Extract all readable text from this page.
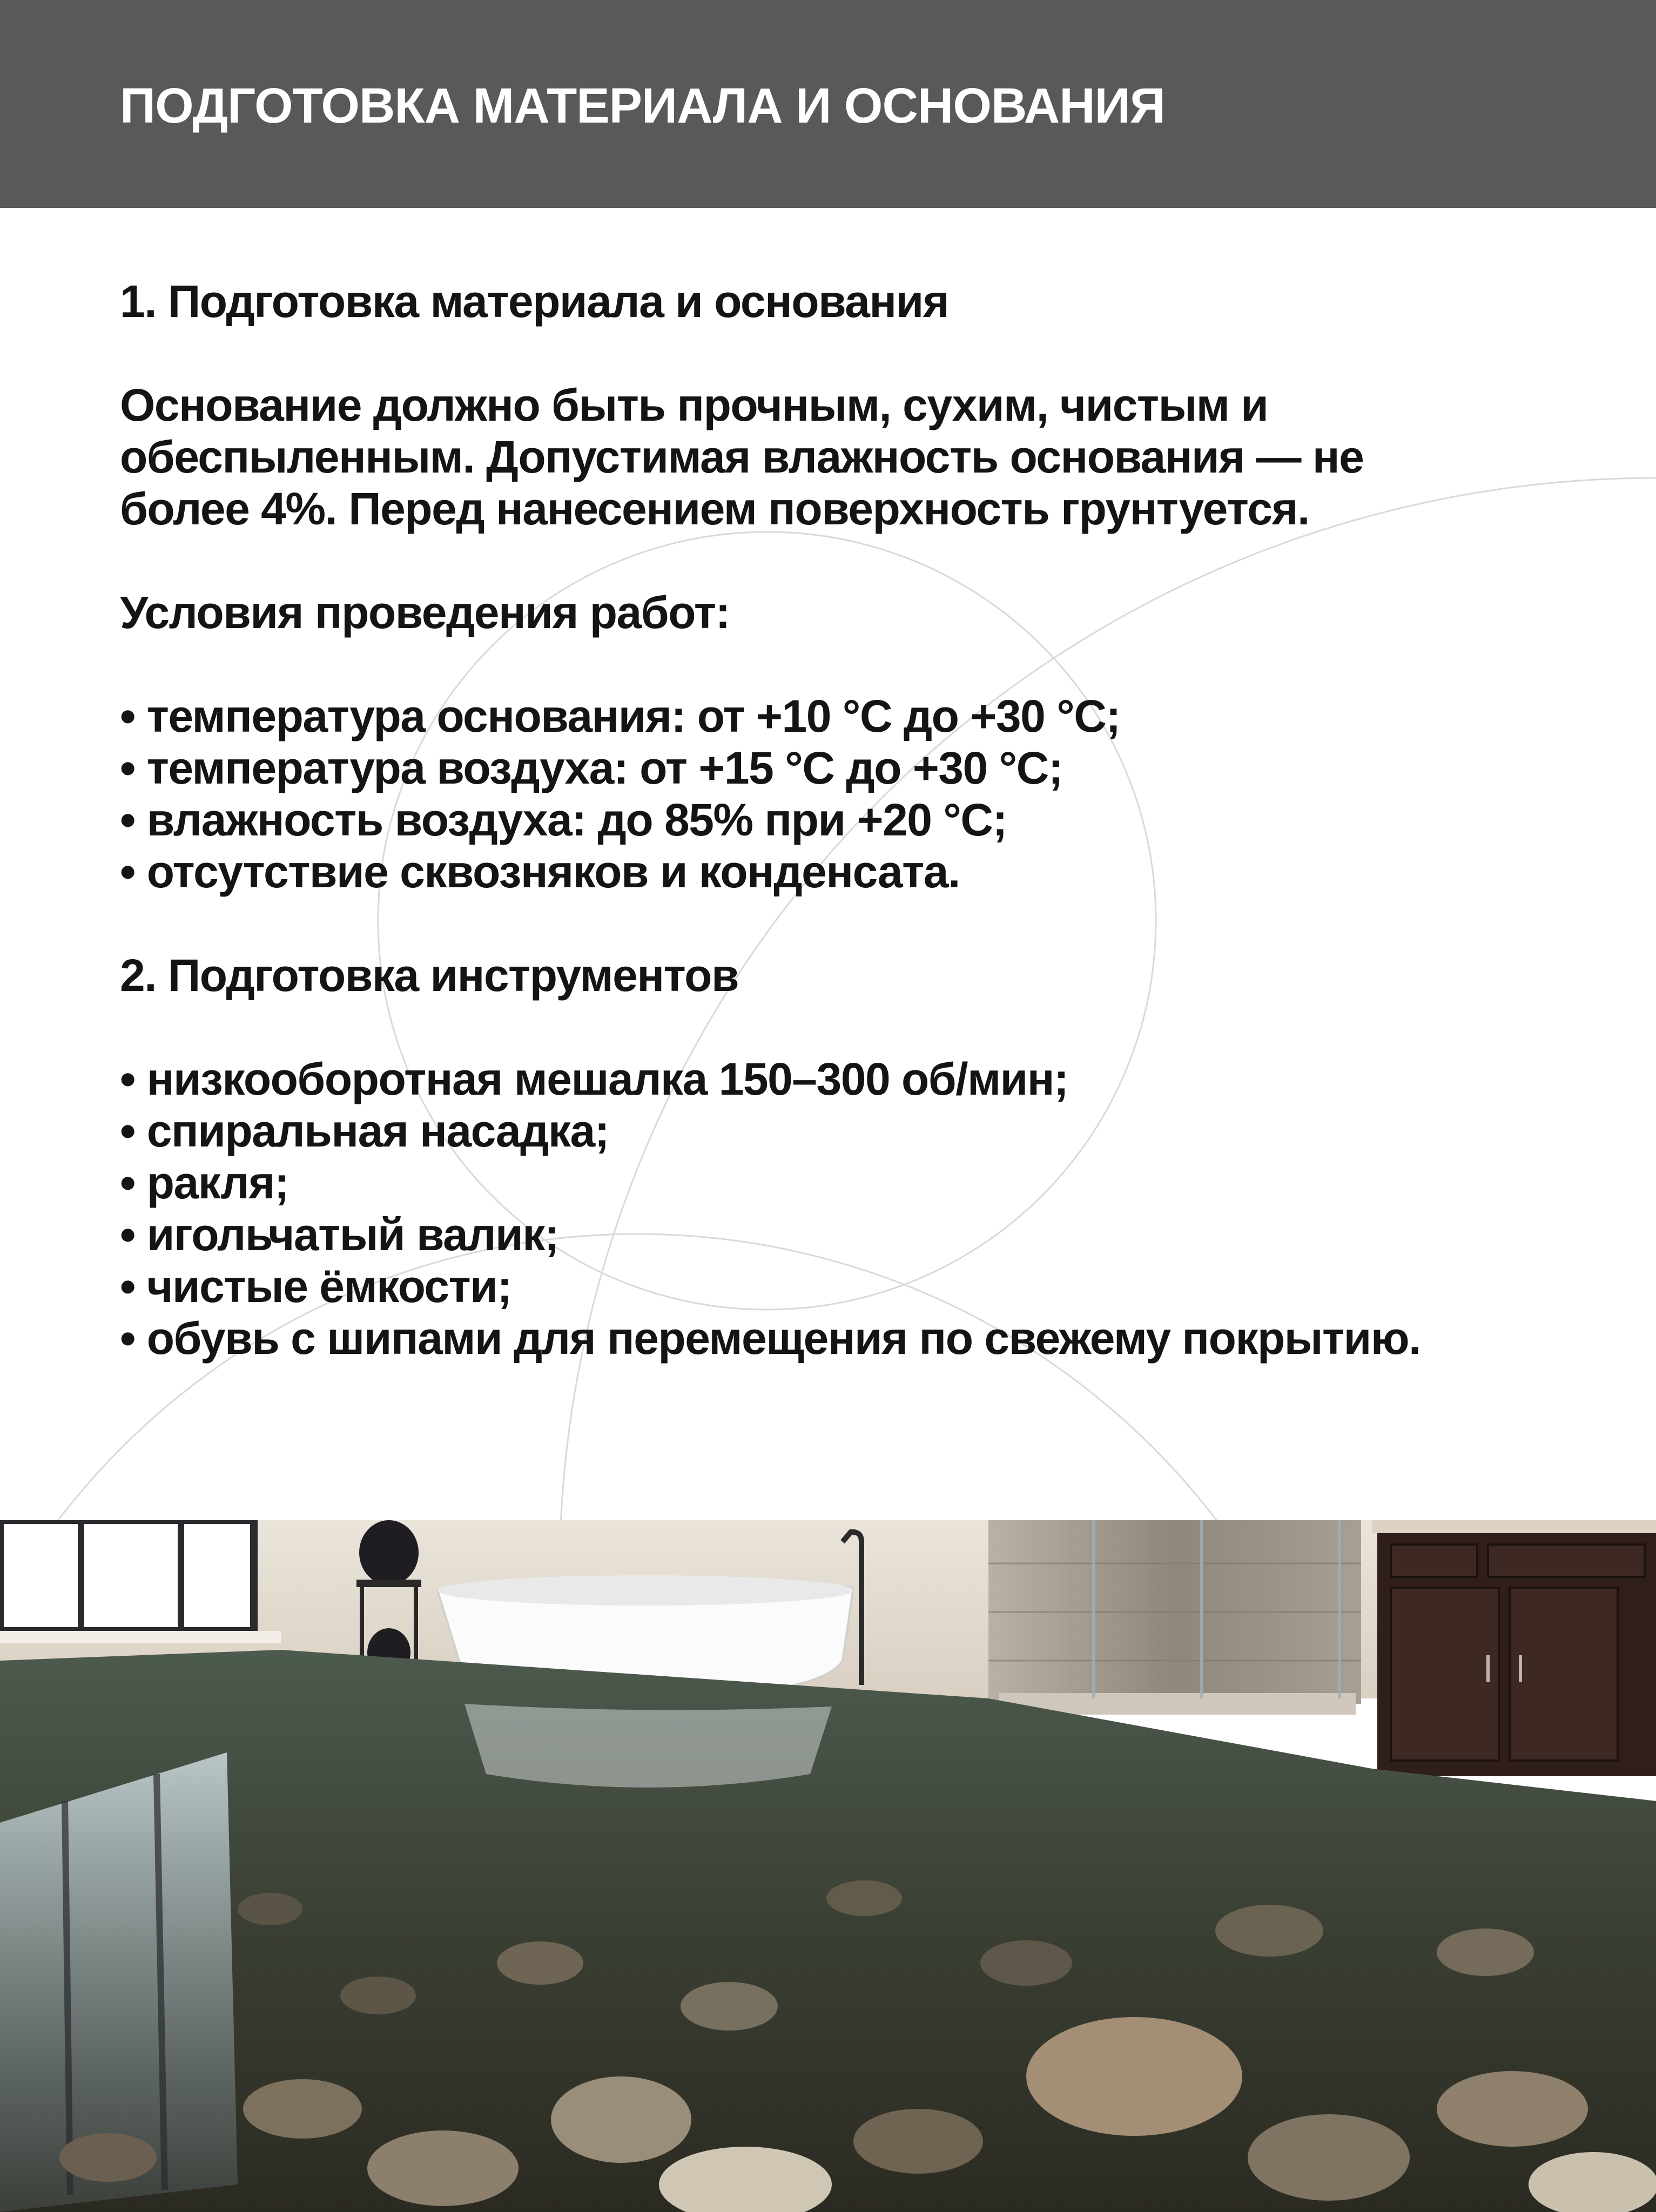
ПОДГОТОВКА МАТЕРИАЛА И ОСНОВАНИЯ

1. Подготовка материала и основания

Основание должно быть прочным, сухим, чистым и

обеспыленным. Допустимая влажность основания — не

более 4%. Перед нанесением поверхность грунтуется.

Условия проведения работ:

• температура основания: от +10 °С до +30 °С;
• температура воздуха: от +15 °С до +30 °С;
• влажность воздуха: до 85% при +20 °С;
• отсутствие сквозняков и конденсата.

2. Подготовка инструментов

• низкооборотная мешалка 150–300 об/мин;
• спиральная насадка;
• ракля;
• игольчатый валик;
• чистые ёмкости;
• обувь с шипами для перемещения по свежему покрытию.
